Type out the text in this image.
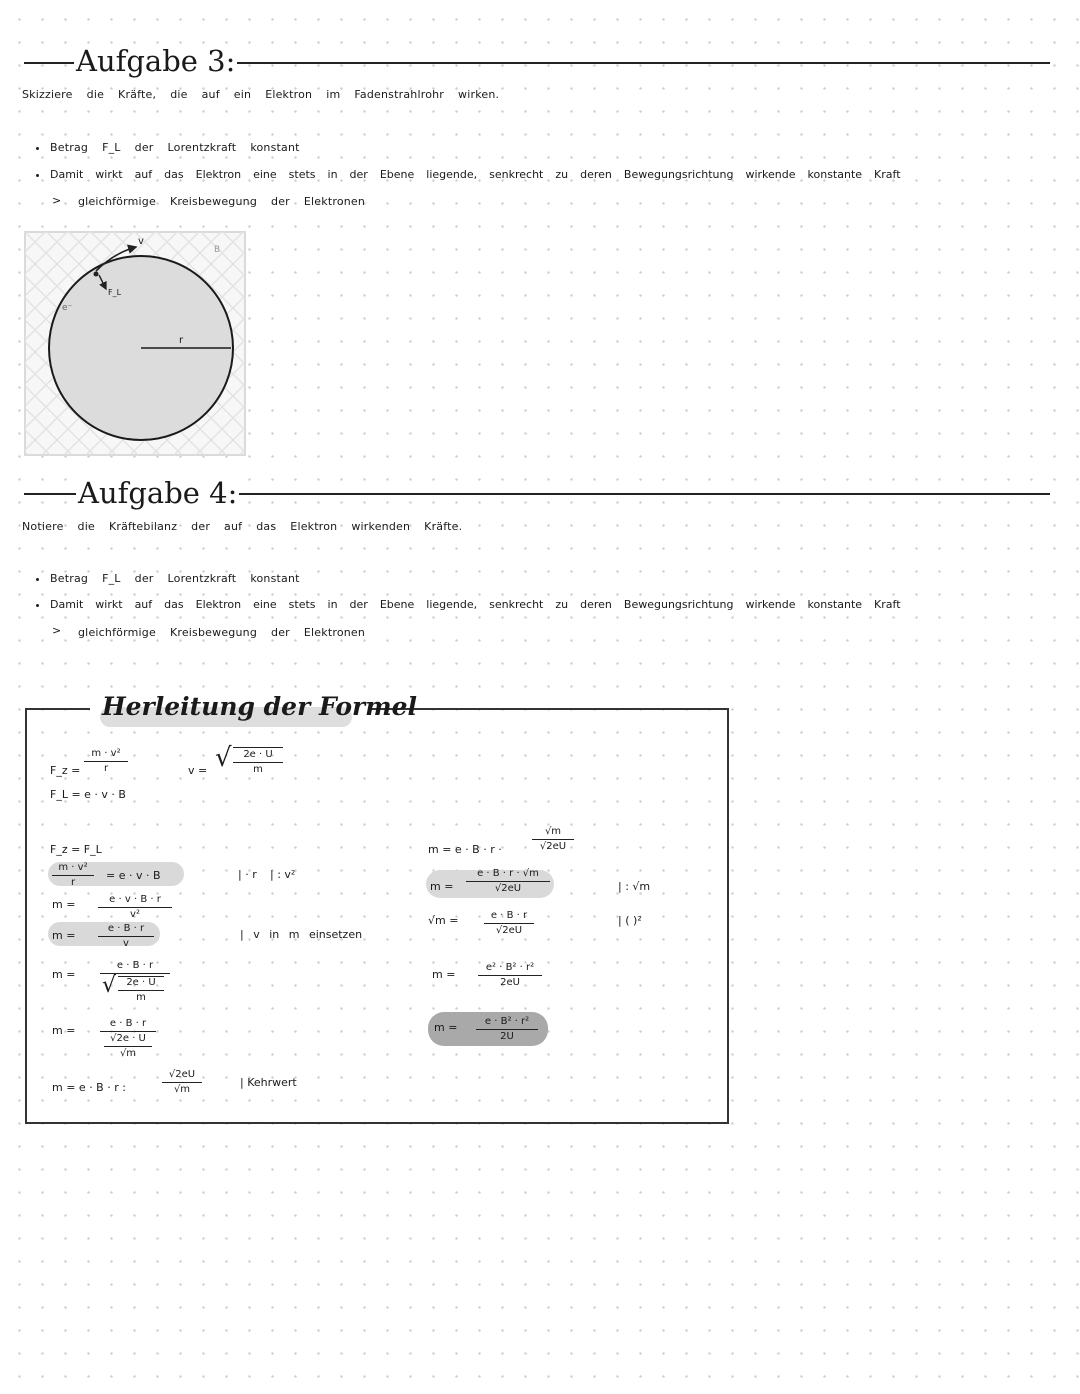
Aufgabe 3:
Skizziere die Kräfte, die auf ein Elektron im Fadenstrahlrohr wirken.
Betrag F_L der Lorentzkraft konstant
Damit wirkt auf das Elektron eine stets in der Ebene liegende, senkrecht zu deren Bewegungsrichtung wirkende konstante Kraft
> gleichförmige Kreisbewegung der Elektronen
v
F_L
e⁻
r
B
Aufgabe 4:
Notiere die Kräftebilanz der auf das Elektron wirkenden Kräfte.
Betrag F_L der Lorentzkraft konstant
Damit wirkt auf das Elektron eine stets in der Ebene liegende, senkrecht zu deren Bewegungsrichtung wirkende konstante Kraft
> gleichförmige Kreisbewegung der Elektronen
Herleitung der Formel
F_z =
m · v²
r	v = √	2e · U
m
F_L = e · v · B
F_z = F_L
m · v²
r
= e · v · B	| · r | : v²
m =	e · v · B · r
v²
m =
e · B · r
v
| v in m einsetzen
m =
e · B · r
√	2e · U
m
m =
e · B · r
√2e · U
√m
m = e · B · r :
√2eU
√m
| Kehrwert
m = e · B · r ·
√m
√2eU
m =
e · B · r · √m
√2eU	| : √m
√m =	e · B · r
√2eU
| ( )²
m =
e² · B² · r²
2eU
m =	e · B² · r²
2U
